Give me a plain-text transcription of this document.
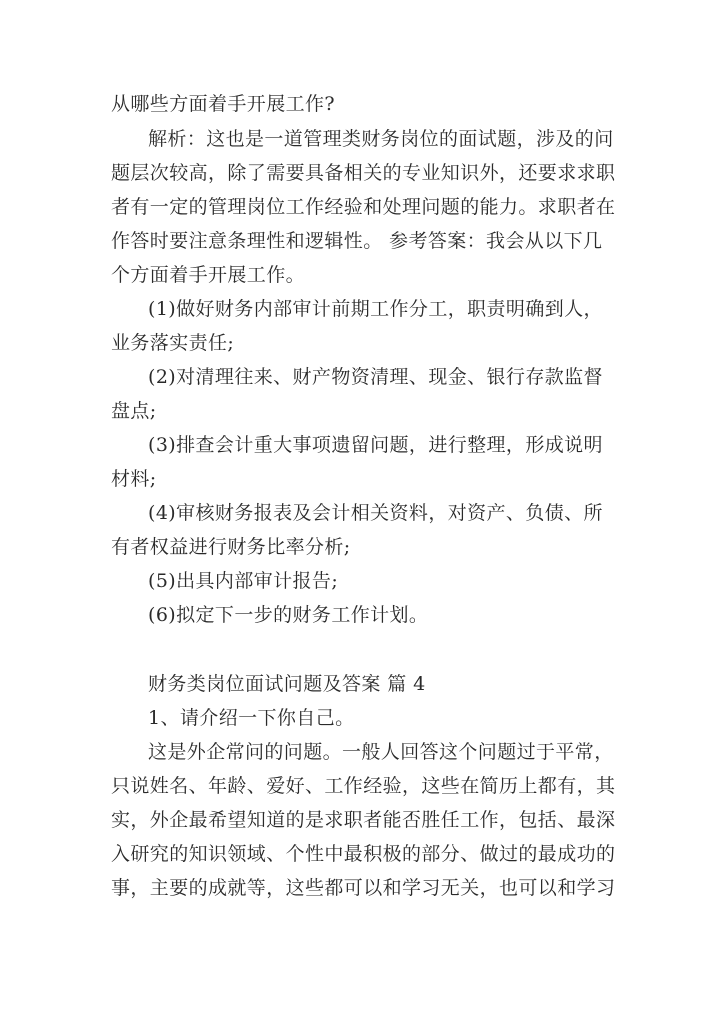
从哪些方面着手开展工作?
解析：这也是一道管理类财务岗位的面试题，涉及的问
题层次较高，除了需要具备相关的专业知识外，还要求求职
者有一定的管理岗位工作经验和处理问题的能力。求职者在
作答时要注意条理性和逻辑性。 参考答案：我会从以下几
个方面着手开展工作。
(1)做好财务内部审计前期工作分工，职责明确到人，
业务落实责任;
(2)对清理往来、财产物资清理、现金、银行存款监督
盘点;
(3)排查会计重大事项遗留问题，进行整理，形成说明
材料;
(4)审核财务报表及会计相关资料，对资产、负债、所
有者权益进行财务比率分析;
(5)出具内部审计报告;
(6)拟定下一步的财务工作计划。
财务类岗位面试问题及答案 篇 4
1、请介绍一下你自己。
这是外企常问的问题。一般人回答这个问题过于平常，
只说姓名、年龄、爱好、工作经验，这些在简历上都有，其
实，外企最希望知道的是求职者能否胜任工作，包括、最深
入研究的知识领域、个性中最积极的部分、做过的最成功的
事，主要的成就等，这些都可以和学习无关，也可以和学习
